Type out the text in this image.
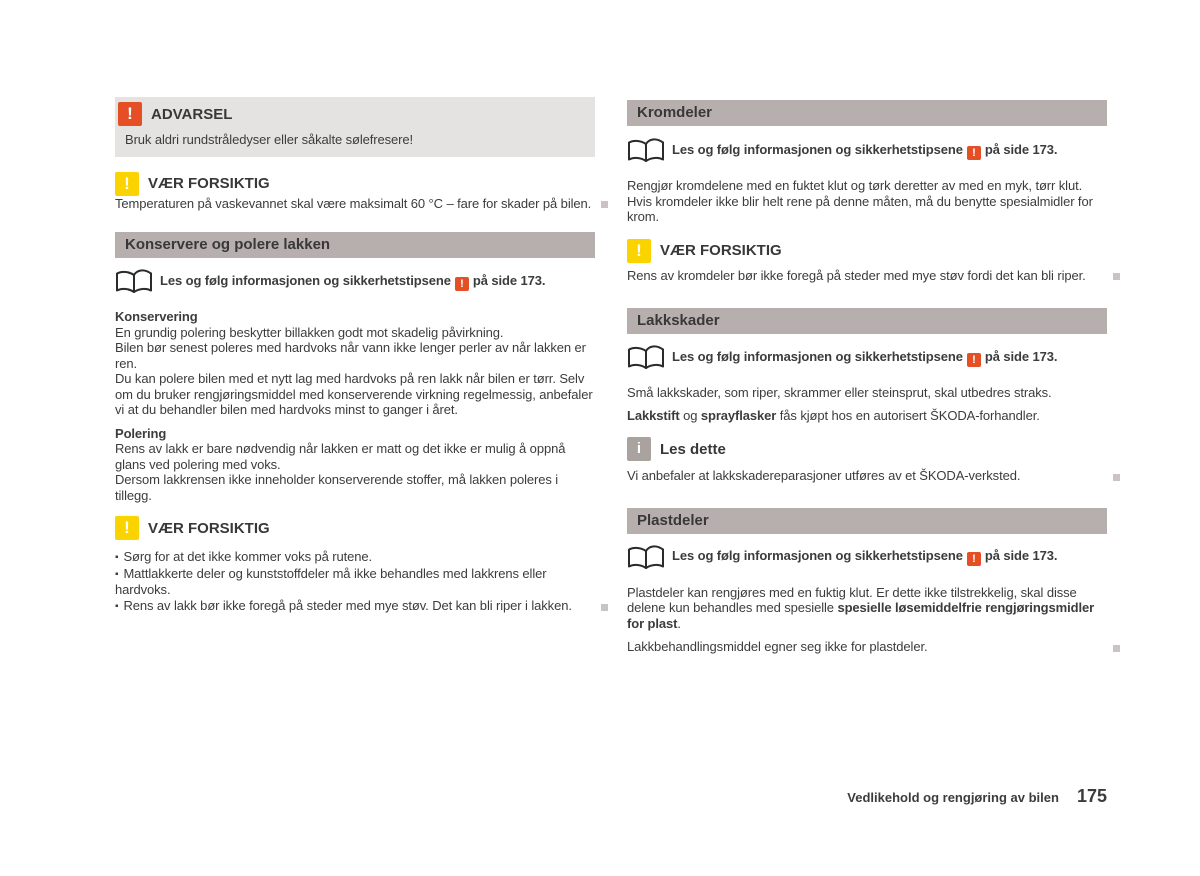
!	ADVARSEL

Bruk aldri rundstråledyser eller såkalte sølefresere!

!	VÆR FORSIKTIG

Temperaturen på vaskevannet skal være maksimalt 60 °C – fare for skader på bilen.

Konservere og polere lakken
Les og følg informasjonen og sikkerhetstipsene ! på side 173.
Konservering

En grundig polering beskytter billakken godt mot skadelig påvirkning.

Bilen bør senest poleres med hardvoks når vann ikke lenger perler av når lakken er ren.

Du kan polere bilen med et nytt lag med hardvoks på ren lakk når bilen er tørr. Selv om du bruker rengjøringsmiddel med konserverende virkning regelmessig, anbefaler vi at du behandler bilen med hardvoks minst to ganger i året.

Polering

Rens av lakk er bare nødvendig når lakken er matt og det ikke er mulig å oppnå glans ved polering med voks.

Dersom lakkrensen ikke inneholder konserverende stoffer, må lakken poleres i tillegg.

!	VÆR FORSIKTIG

▪ Sørg for at det ikke kommer voks på rutene.

▪ Mattlakkerte deler og kunststoffdeler må ikke behandles med lakkrens eller hardvoks.

▪ Rens av lakk bør ikke foregå på steder med mye støv. Det kan bli riper i lakken.

Kromdeler
Les og følg informasjonen og sikkerhetstipsene ! på side 173.

Rengjør kromdelene med en fuktet klut og tørk deretter av med en myk, tørr klut. Hvis kromdeler ikke blir helt rene på denne måten, må du benytte spesialmidler for krom.

!	VÆR FORSIKTIG

Rens av kromdeler bør ikke foregå på steder med mye støv fordi det kan bli riper.

Lakkskader
Les og følg informasjonen og sikkerhetstipsene ! på side 173.

Små lakkskader, som riper, skrammer eller steinsprut, skal utbedres straks.

Lakkstift og sprayflasker fås kjøpt hos en autorisert ŠKODA-forhandler.

i	Les dette

Vi anbefaler at lakkskadereparasjoner utføres av et ŠKODA-verksted.

Plastdeler
Les og følg informasjonen og sikkerhetstipsene ! på side 173.

Plastdeler kan rengjøres med en fuktig klut. Er dette ikke tilstrekkelig, skal disse delene kun behandles med spesielle spesielle løsemiddelfrie rengjøringsmidler for plast.

Lakkbehandlingsmiddel egner seg ikke for plastdeler.

Vedlikehold og rengjøring av bilen 175
